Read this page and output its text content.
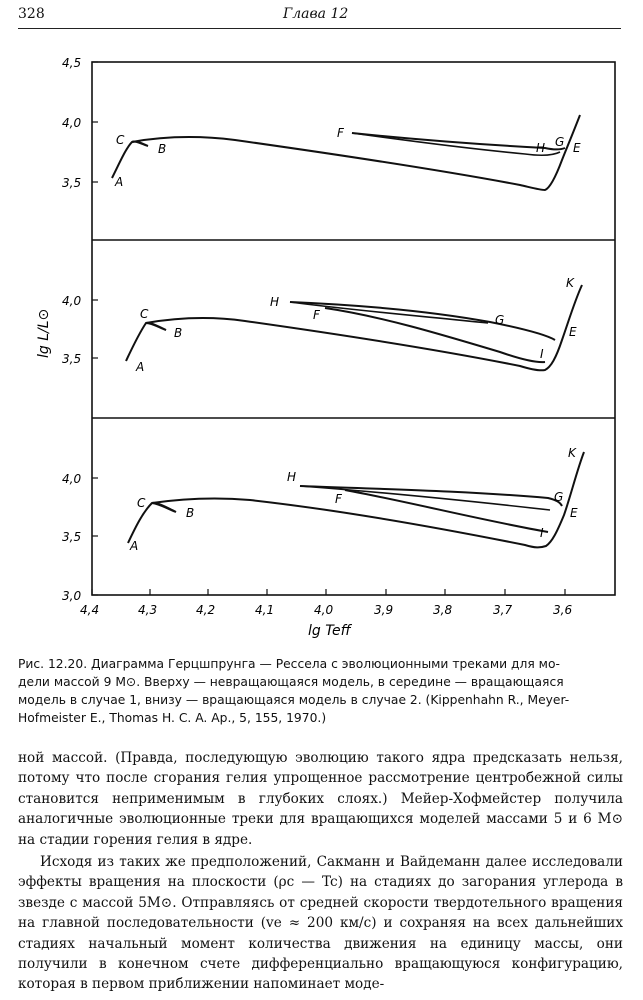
328	Глава 12
4,5
4,0
3,5
4,0
3,5
4,0
3,5
3,0
4,4	4,3	4,2	4,1	4,0	3,9	3,8	3,7	3,6
lg L/L⊙
lg Teff
A
B
C	F
H G E
A
B
C
H
F	G
I
E
K
A
B
C
H
F	G
I
E
K
Рис. 12.20. Диаграмма Герцшпрунга — Рессела с эволюционными треками для мо-
дели массой 9 M⊙. Вверху — невращающаяся модель, в середине — вращающаяся
модель в случае 1, внизу — вращающаяся модель в случае 2. (Kippenhahn R., Meyer-
Hofmeister E., Thomas H. C. A. Ap., 5, 155, 1970.)

ной массой. (Правда, последующую эволюцию такого ядра предсказать нельзя, потому что после сгорания гелия упрощенное рассмотрение центробежной силы становится неприменимым в глубоких слоях.) Мейер-Хофмейстер получила аналогичные эволюционные треки для вращающихся моделей массами 5 и 6 M⊙ на стадии горения гелия в ядре.

Исходя из таких же предположений, Сакманн и Вайдеманн далее исследовали эффекты вращения на плоскости (ρc — Tc) на стадиях до загорания углерода в звезде с массой 5M⊙. Отправляясь от средней скорости твердотельного вращения на главной последовательности (ve ≈ 200 км/с) и сохраняя на всех дальнейших стадиях начальный момент количества движения на единицу массы, они получили в конечном счете дифференциально вращающуюся конфигурацию, которая в первом приближении напоминает моде-
